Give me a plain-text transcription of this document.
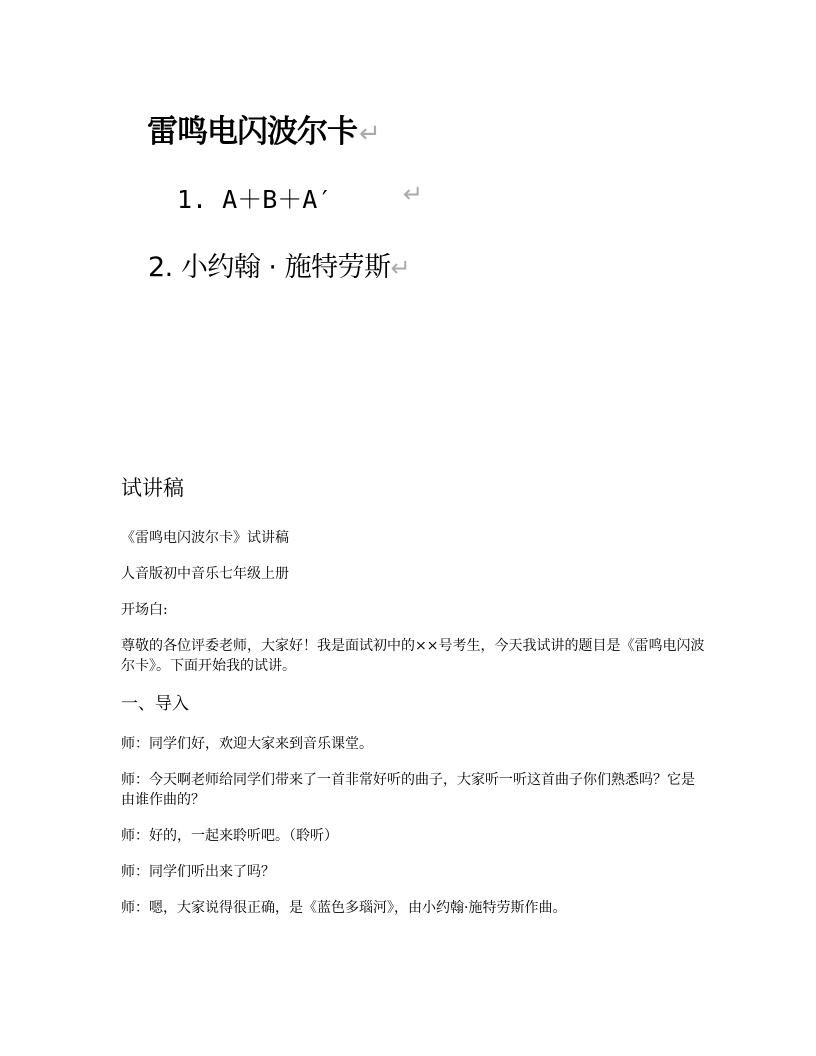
雷鸣电闪波尔卡↵
1. A＋B＋A′	↵
2. 小约翰 · 施特劳斯↵
试讲稿

《雷鸣电闪波尔卡》试讲稿

人音版初中音乐七年级上册

开场白:

尊敬的各位评委老师，大家好！我是面试初中的××号考生，今天我试讲的题目是《雷鸣电闪波尔卡》。下面开始我的试讲。

一、导入

师：同学们好，欢迎大家来到音乐课堂。

师：今天啊老师给同学们带来了一首非常好听的曲子，大家听一听这首曲子你们熟悉吗？它是由谁作曲的？

师：好的，一起来聆听吧。（聆听）

师：同学们听出来了吗？

师：嗯，大家说得很正确，是《蓝色多瑙河》，由小约翰·施特劳斯作曲。
